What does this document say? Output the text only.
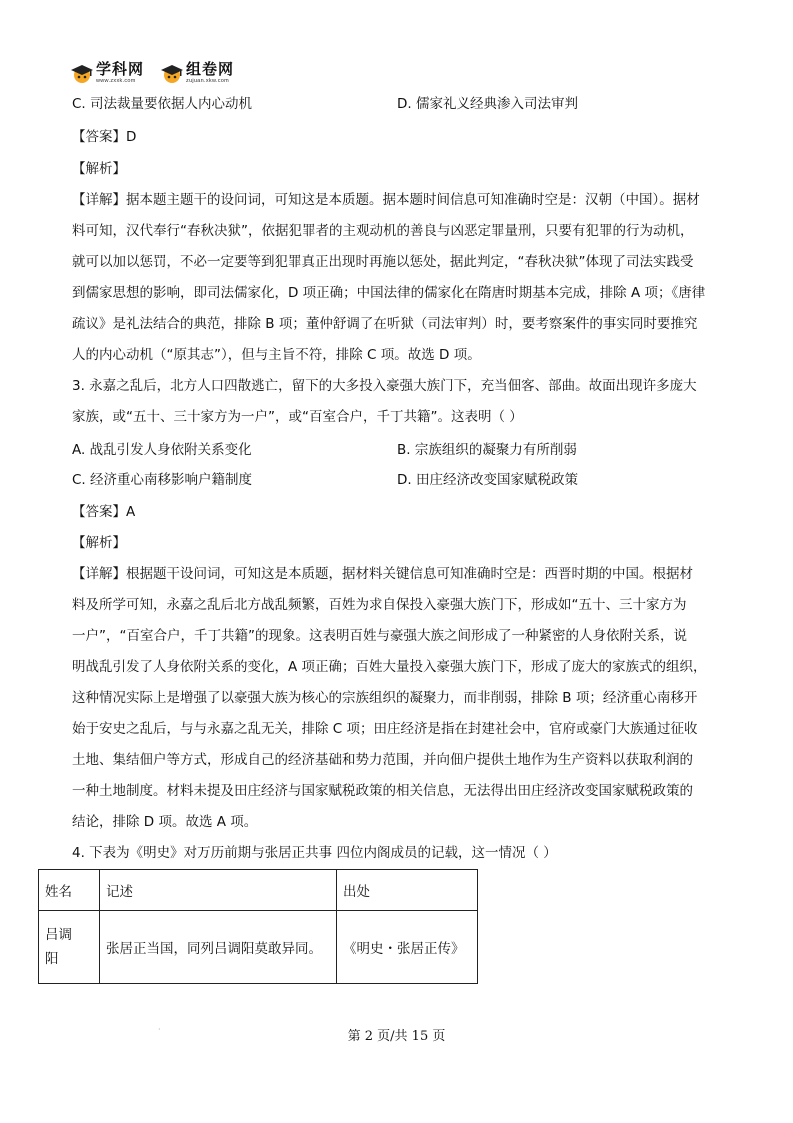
学科网
www.zxxk.com
组卷网
zujuan.xkw.com
C. 司法裁量要依据人内心动机	D. 儒家礼义经典渗入司法审判
【答案】D
【解析】
【详解】据本题主题干的设问词，可知这是本质题。据本题时间信息可知准确时空是：汉朝（中国）。据材
料可知，汉代奉行“春秋决狱”，依据犯罪者的主观动机的善良与凶恶定罪量刑，只要有犯罪的行为动机，
就可以加以惩罚，不必一定要等到犯罪真正出现时再施以惩处，据此判定，“春秋决狱”体现了司法实践受
到儒家思想的影响，即司法儒家化，D 项正确；中国法律的儒家化在隋唐时期基本完成，排除 A 项；《唐律
疏议》是礼法结合的典范，排除 B 项；董仲舒调了在听狱（司法审判）时，要考察案件的事实同时要推究
人的内心动机（“原其志”），但与主旨不符，排除 C 项。故选 D 项。
3. 永嘉之乱后，北方人口四散逃亡，留下的大多投入豪强大族门下，充当佃客、部曲。故面出现许多庞大
家族，或“五十、三十家方为一户”，或“百室合户，千丁共籍”。这表明（ ）
A. 战乱引发人身依附关系变化	B. 宗族组织的凝聚力有所削弱
C. 经济重心南移影响户籍制度	D. 田庄经济改变国家赋税政策
【答案】A
【解析】
【详解】根据题干设问词，可知这是本质题，据材料关键信息可知准确时空是：西晋时期的中国。根据材
料及所学可知，永嘉之乱后北方战乱频繁，百姓为求自保投入豪强大族门下，形成如“五十、三十家方为
一户”，“百室合户，千丁共籍”的现象。这表明百姓与豪强大族之间形成了一种紧密的人身依附关系，说
明战乱引发了人身依附关系的变化，A 项正确；百姓大量投入豪强大族门下，形成了庞大的家族式的组织，
这种情况实际上是增强了以豪强大族为核心的宗族组织的凝聚力，而非削弱，排除 B 项；经济重心南移开
始于安史之乱后，与与永嘉之乱无关，排除 C 项；田庄经济是指在封建社会中，官府或豪门大族通过征收
土地、集结佃户等方式，形成自己的经济基础和势力范围，并向佃户提供土地作为生产资料以获取利润的
一种土地制度。材料未提及田庄经济与国家赋税政策的相关信息，无法得出田庄经济改变国家赋税政策的
结论，排除 D 项。故选 A 项。
4. 下表为《明史》对万历前期与张居正共事 四位内阁成员的记载，这一情况（ ）
姓名	记述	出处
吕调
阳	张居正当国，同列吕调阳莫敢异同。	《明史・张居正传》
·	第 2 页/共 15 页
